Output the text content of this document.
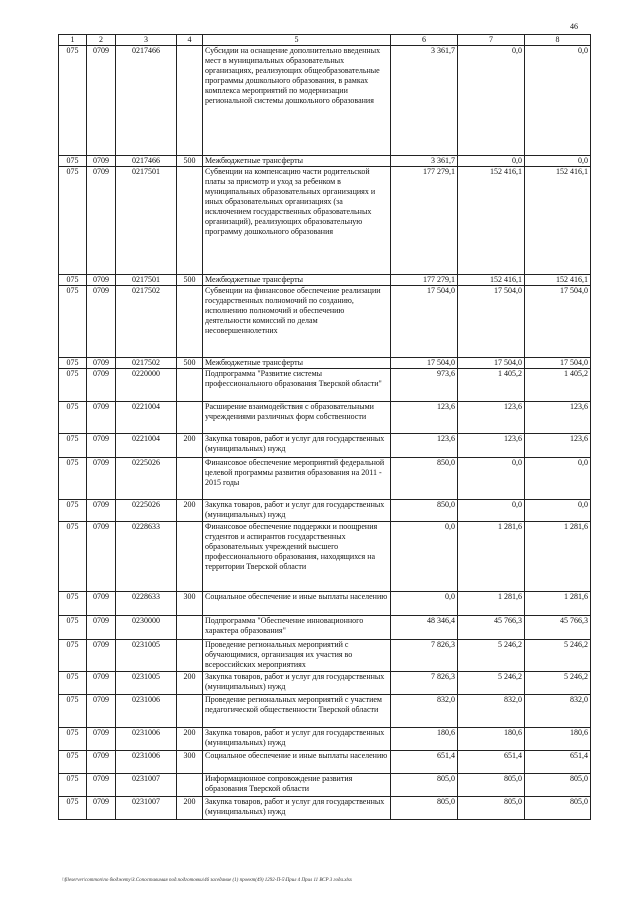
46
1	2	3	4	5	6	7	8
075	0709	0217466		Субсидии на оснащение дополнительно введенных мест в муниципальных образовательных организациях, реализующих общеобразовательные программы дошкольного образования, в рамках комплекса мероприятий по модернизации региональной системы дошкольного образования	3 361,7	0,0	0,0
075	0709	0217466	500	Межбюджетные трансферты	3 361,7	0,0	0,0
075	0709	0217501		Субвенции на компенсацию части родительской платы за присмотр и уход за ребенком в муниципальных образовательных организациях и иных образовательных организациях (за исключением государственных образовательных организаций), реализующих образовательную программу дошкольного образования	177 279,1	152 416,1	152 416,1
075	0709	0217501	500	Межбюджетные трансферты	177 279,1	152 416,1	152 416,1
075	0709	0217502		Субвенции на финансовое обеспечение реализации государственных полномочий по созданию, исполнению полномочий и обеспечению деятельности комиссий по делам несовершеннолетних	17 504,0	17 504,0	17 504,0
075	0709	0217502	500	Межбюджетные трансферты	17 504,0	17 504,0	17 504,0
075	0709	0220000		Подпрограмма "Развитие системы профессионального образования Тверской области"	973,6	1 405,2	1 405,2
075	0709	0221004		Расширение взаимодействия с образовательными учреждениями различных форм собственности	123,6	123,6	123,6
075	0709	0221004	200	Закупка товаров, работ и услуг для государственных (муниципальных) нужд	123,6	123,6	123,6
075	0709	0225026		Финансовое обеспечение мероприятий федеральной целевой программы развития образования на 2011 - 2015 годы	850,0	0,0	0,0
075	0709	0225026	200	Закупка товаров, работ и услуг для государственных (муниципальных) нужд	850,0	0,0	0,0
075	0709	0228633		Финансовое обеспечение поддержки и поощрения студентов и аспирантов государственных образовательных учреждений высшего профессионального образования, находящихся на территории Тверской области	0,0	1 281,6	1 281,6
075	0709	0228633	300	Социальное обеспечение и иные выплаты населению	0,0	1 281,6	1 281,6
075	0709	0230000		Подпрограмма "Обеспечение инновационного характера образования"	48 346,4	45 766,3	45 766,3
075	0709	0231005		Проведение региональных мероприятий с обучающимися, организация их участия во всероссийских мероприятиях	7 826,3	5 246,2	5 246,2
075	0709	0231005	200	Закупка товаров, работ и услуг для государственных (муниципальных) нужд	7 826,3	5 246,2	5 246,2
075	0709	0231006		Проведение региональных мероприятий с участием педагогической общественности Тверской области	832,0	832,0	832,0
075	0709	0231006	200	Закупка товаров, работ и услуг для государственных (муниципальных) нужд	180,6	180,6	180,6
075	0709	0231006	300	Социальное обеспечение и иные выплаты населению	651,4	651,4	651,4
075	0709	0231007		Информационное сопровождение развития образования Тверской области	805,0	805,0	805,0
075	0709	0231007	200	Закупка товаров, работ и услуг для государственных (муниципальных) нужд	805,0	805,0	805,0
\\fileserver\common\по бюджету\З.Сопоставимая под.подготовки\46 заседание (1) проект(49) 1292-П-5\Прил 4 Прил 11 ВСР 3 года.xlsx
